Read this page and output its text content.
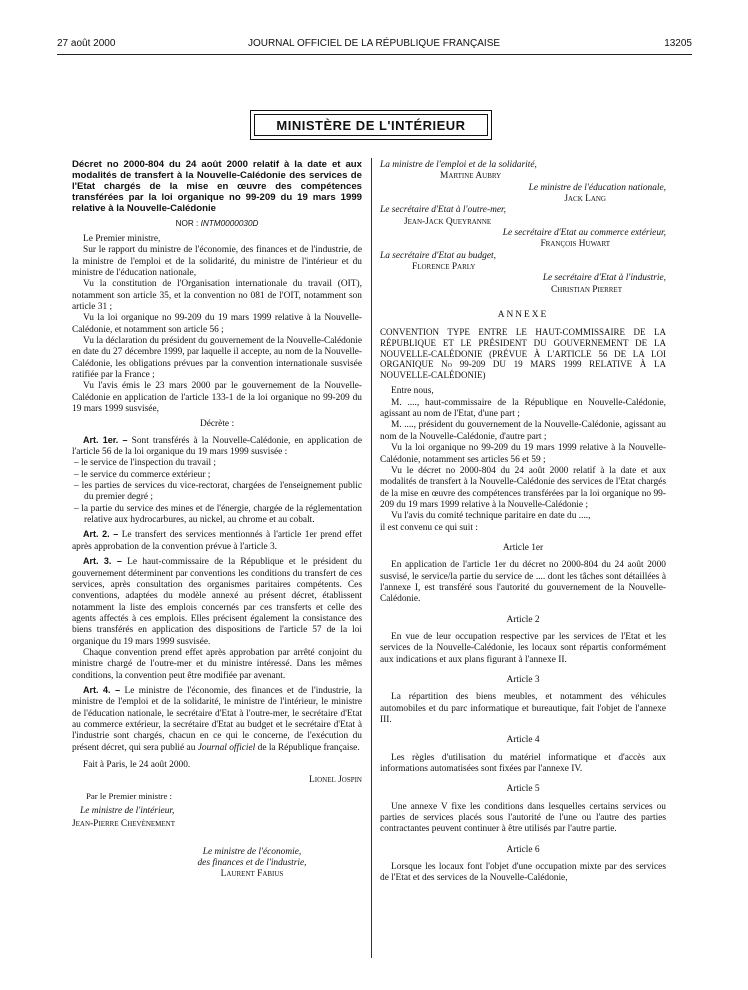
27 août 2000	JOURNAL OFFICIEL DE LA RÉPUBLIQUE FRANÇAISE	13205
MINISTÈRE DE L'INTÉRIEUR

Décret no 2000-804 du 24 août 2000 relatif à la date et aux modalités de transfert à la Nouvelle-Calédonie des services de l'Etat chargés de la mise en œuvre des compétences transférées par la loi organique no 99-209 du 19 mars 1999 relative à la Nouvelle-Calédonie

NOR : INTM0000030D

Le Premier ministre,

Sur le rapport du ministre de l'économie, des finances et de l'industrie, de la ministre de l'emploi et de la solidarité, du ministre de l'intérieur et du ministre de l'éducation nationale,

Vu la constitution de l'Organisation internationale du travail (OIT), notamment son article 35, et la convention no 081 de l'OIT, notamment son article 31 ;

Vu la loi organique no 99-209 du 19 mars 1999 relative à la Nouvelle-Calédonie, et notamment son article 56 ;

Vu la déclaration du président du gouvernement de la Nouvelle-Calédonie en date du 27 décembre 1999, par laquelle il accepte, au nom de la Nouvelle-Calédonie, les obligations prévues par la convention internationale susvisée ratifiée par la France ;

Vu l'avis émis le 23 mars 2000 par le gouvernement de la Nouvelle-Calédonie en application de l'article 133-1 de la loi organique no 99-209 du 19 mars 1999 susvisée,

Décrète :

Art. 1er. – Sont transférés à la Nouvelle-Calédonie, en application de l'article 56 de la loi organique du 19 mars 1999 susvisée :

– le service de l'inspection du travail ;
– le service du commerce extérieur ;
– les parties de services du vice-rectorat, chargées de l'enseignement public du premier degré ;
– la partie du service des mines et de l'énergie, chargée de la réglementation relative aux hydrocarbures, au nickel, au chrome et au cobalt.

Art. 2. – Le transfert des services mentionnés à l'article 1er prend effet après approbation de la convention prévue à l'article 3.

Art. 3. – Le haut-commissaire de la République et le président du gouvernement déterminent par conventions les conditions du transfert de ces services, après consultation des organismes paritaires compétents. Ces conventions, adaptées du modèle annexé au présent décret, établissent notamment la liste des emplois concernés par ces transferts et celle des agents affectés à ces emplois. Elles précisent également la consistance des biens transférés en application des dispositions de l'article 57 de la loi organique du 19 mars 1999 susvisée.

Chaque convention prend effet après approbation par arrêté conjoint du ministre chargé de l'outre-mer et du ministre intéressé. Dans les mêmes conditions, la convention peut être modifiée par avenant.

Art. 4. – Le ministre de l'économie, des finances et de l'industrie, la ministre de l'emploi et de la solidarité, le ministre de l'intérieur, le ministre de l'éducation nationale, le secrétaire d'Etat à l'outre-mer, le secrétaire d'Etat au commerce extérieur, la secrétaire d'Etat au budget et le secrétaire d'Etat à l'industrie sont chargés, chacun en ce qui le concerne, de l'exécution du présent décret, qui sera publié au Journal officiel de la République française.

Fait à Paris, le 24 août 2000.

Lionel Jospin
Par le Premier ministre :
Le ministre de l'intérieur,
Jean-Pierre Chevènement
Le ministre de l'économie,
des finances et de l'industrie,
Laurent Fabius
La ministre de l'emploi et de la solidarité,
Martine Aubry
Le ministre de l'éducation nationale,
Jack Lang
Le secrétaire d'Etat à l'outre-mer,
Jean-Jack Queyranne
Le secrétaire d'Etat au commerce extérieur,
François Huwart
La secrétaire d'Etat au budget,
Florence Parly
Le secrétaire d'Etat à l'industrie,
Christian Pierret

ANNEXE

CONVENTION TYPE ENTRE LE HAUT-COMMISSAIRE DE LA RÉPUBLIQUE ET LE PRÉSIDENT DU GOUVERNEMENT DE LA NOUVELLE-CALÉDONIE (PRÉVUE À L'ARTICLE 56 DE LA LOI ORGANIQUE No 99-209 DU 19 MARS 1999 RELATIVE À LA NOUVELLE-CALÉDONIE)

Entre nous,

M. ...., haut-commissaire de la République en Nouvelle-Calédonie, agissant au nom de l'Etat, d'une part ;

M. ...., président du gouvernement de la Nouvelle-Calédonie, agissant au nom de la Nouvelle-Calédonie, d'autre part ;

Vu la loi organique no 99-209 du 19 mars 1999 relative à la Nouvelle-Calédonie, notamment ses articles 56 et 59 ;

Vu le décret no 2000-804 du 24 août 2000 relatif à la date et aux modalités de transfert à la Nouvelle-Calédonie des services de l'Etat chargés de la mise en œuvre des compétences transférées par la loi organique no 99-209 du 19 mars 1999 relative à la Nouvelle-Calédonie ;

Vu l'avis du comité technique paritaire en date du ....,

il est convenu ce qui suit :

Article 1er

En application de l'article 1er du décret no 2000-804 du 24 août 2000 susvisé, le service/la partie du service de .... dont les tâches sont détaillées à l'annexe I, est transféré sous l'autorité du gouvernement de la Nouvelle-Calédonie.

Article 2

En vue de leur occupation respective par les services de l'Etat et les services de la Nouvelle-Calédonie, les locaux sont répartis conformément aux indications et aux plans figurant à l'annexe II.

Article 3

La répartition des biens meubles, et notamment des véhicules automobiles et du parc informatique et bureautique, fait l'objet de l'annexe III.

Article 4

Les règles d'utilisation du matériel informatique et d'accès aux informations automatisées sont fixées par l'annexe IV.

Article 5

Une annexe V fixe les conditions dans lesquelles certains services ou parties de services placés sous l'autorité de l'une ou l'autre des parties contractantes peuvent continuer à être utilisés par l'autre partie.

Article 6

Lorsque les locaux font l'objet d'une occupation mixte par des services de l'Etat et des services de la Nouvelle-Calédonie,
